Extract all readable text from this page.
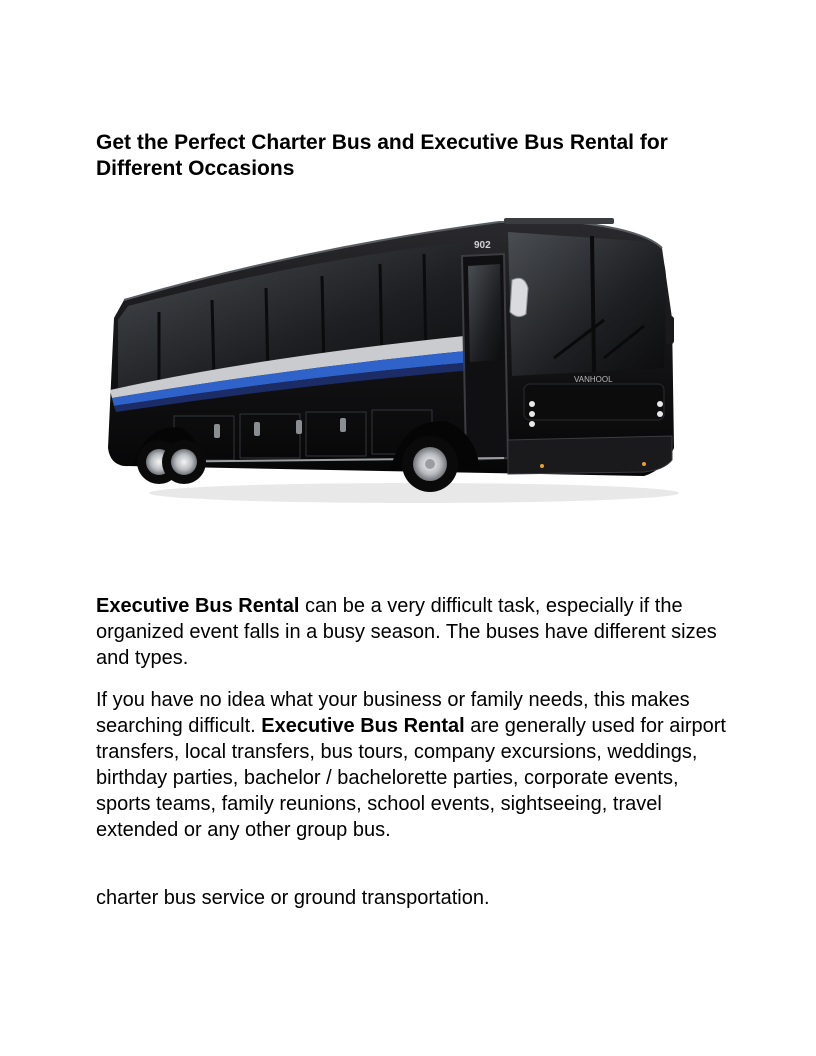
Get the Perfect Charter Bus and Executive Bus Rental for Different Occasions
902
VANHOOL

Executive Bus Rental can be a very difficult task, especially if the organized event falls in a busy season. The buses have different sizes and types.

If you have no idea what your business or family needs, this makes searching difficult. Executive Bus Rental are generally used for airport transfers, local transfers, bus tours, company excursions, weddings, birthday parties, bachelor / bachelorette parties, corporate events, sports teams, family reunions, school events, sightseeing, travel extended or any other group bus.

charter bus service or ground transportation.
